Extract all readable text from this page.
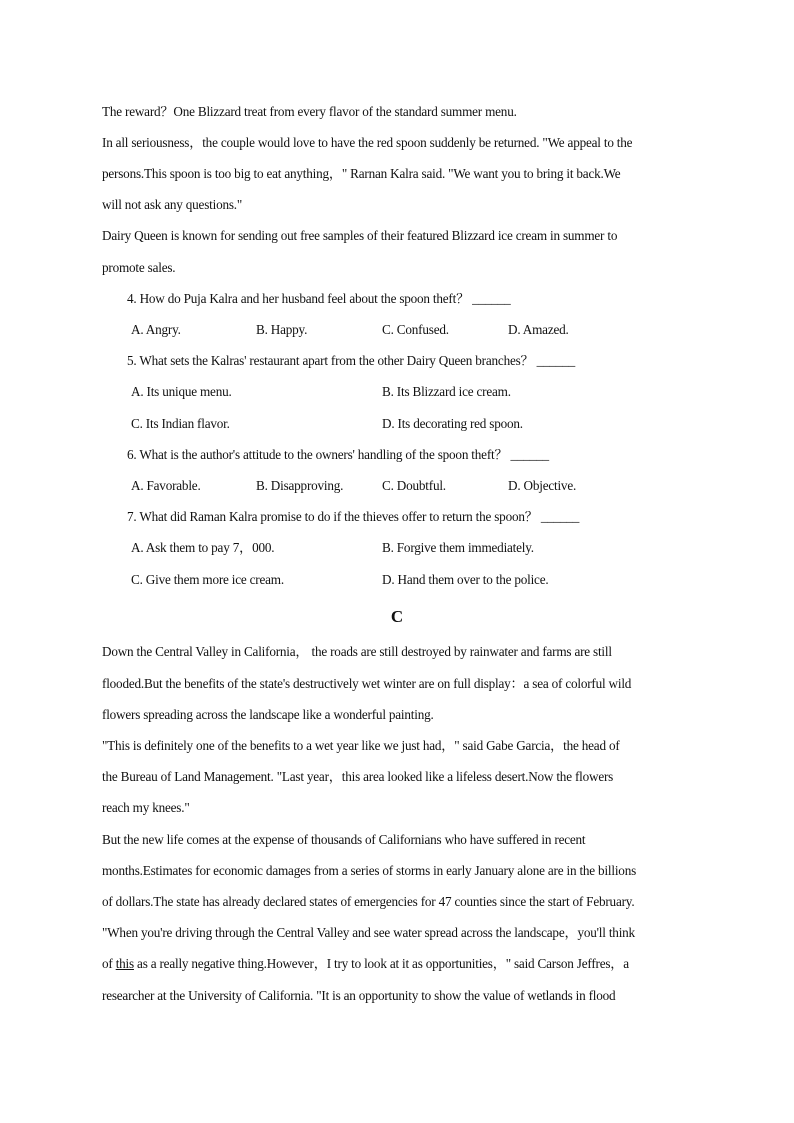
The reward？One Blizzard treat from every flavor of the standard summer menu.
In all seriousness，the couple would love to have the red spoon suddenly be returned. "We appeal to the
persons.This spoon is too big to eat anything，" Rarnan Kalra said. "We want you to bring it back.We
will not ask any questions."
Dairy Queen is known for sending out free samples of their featured Blizzard ice cream in summer to
promote sales.
4. How do Puja Kalra and her husband feel about the spoon theft？ ______
A. Angry.	B. Happy.	C. Confused.	D. Amazed.
5. What sets the Kalras' restaurant apart from the other Dairy Queen branches？ ______
A. Its unique menu.	B. Its Blizzard ice cream.
C. Its Indian flavor.	D. Its decorating red spoon.
6. What is the author's attitude to the owners' handling of the spoon theft？ ______
A. Favorable.	B. Disapproving.	C. Doubtful.	D. Objective.
7. What did Raman Kalra promise to do if the thieves offer to return the spoon？ ______
A. Ask them to pay 7，000.	B. Forgive them immediately.
C. Give them more ice cream.	D. Hand them over to the police.
C
Down the Central Valley in California， the roads are still destroyed by rainwater and farms are still
flooded.But the benefits of the state's destructively wet winter are on full display：a sea of colorful wild
flowers spreading across the landscape like a wonderful painting.
"This is definitely one of the benefits to a wet year like we just had，" said Gabe Garcia，the head of
the Bureau of Land Management. "Last year，this area looked like a lifeless desert.Now the flowers
reach my knees."
But the new life comes at the expense of thousands of Californians who have suffered in recent
months.Estimates for economic damages from a series of storms in early January alone are in the billions
of dollars.The state has already declared states of emergencies for 47 counties since the start of February.
"When you're driving through the Central Valley and see water spread across the landscape，you'll think
of this as a really negative thing.However，I try to look at it as opportunities，" said Carson Jeffres，a
researcher at the University of California. "It is an opportunity to show the value of wetlands in flood
